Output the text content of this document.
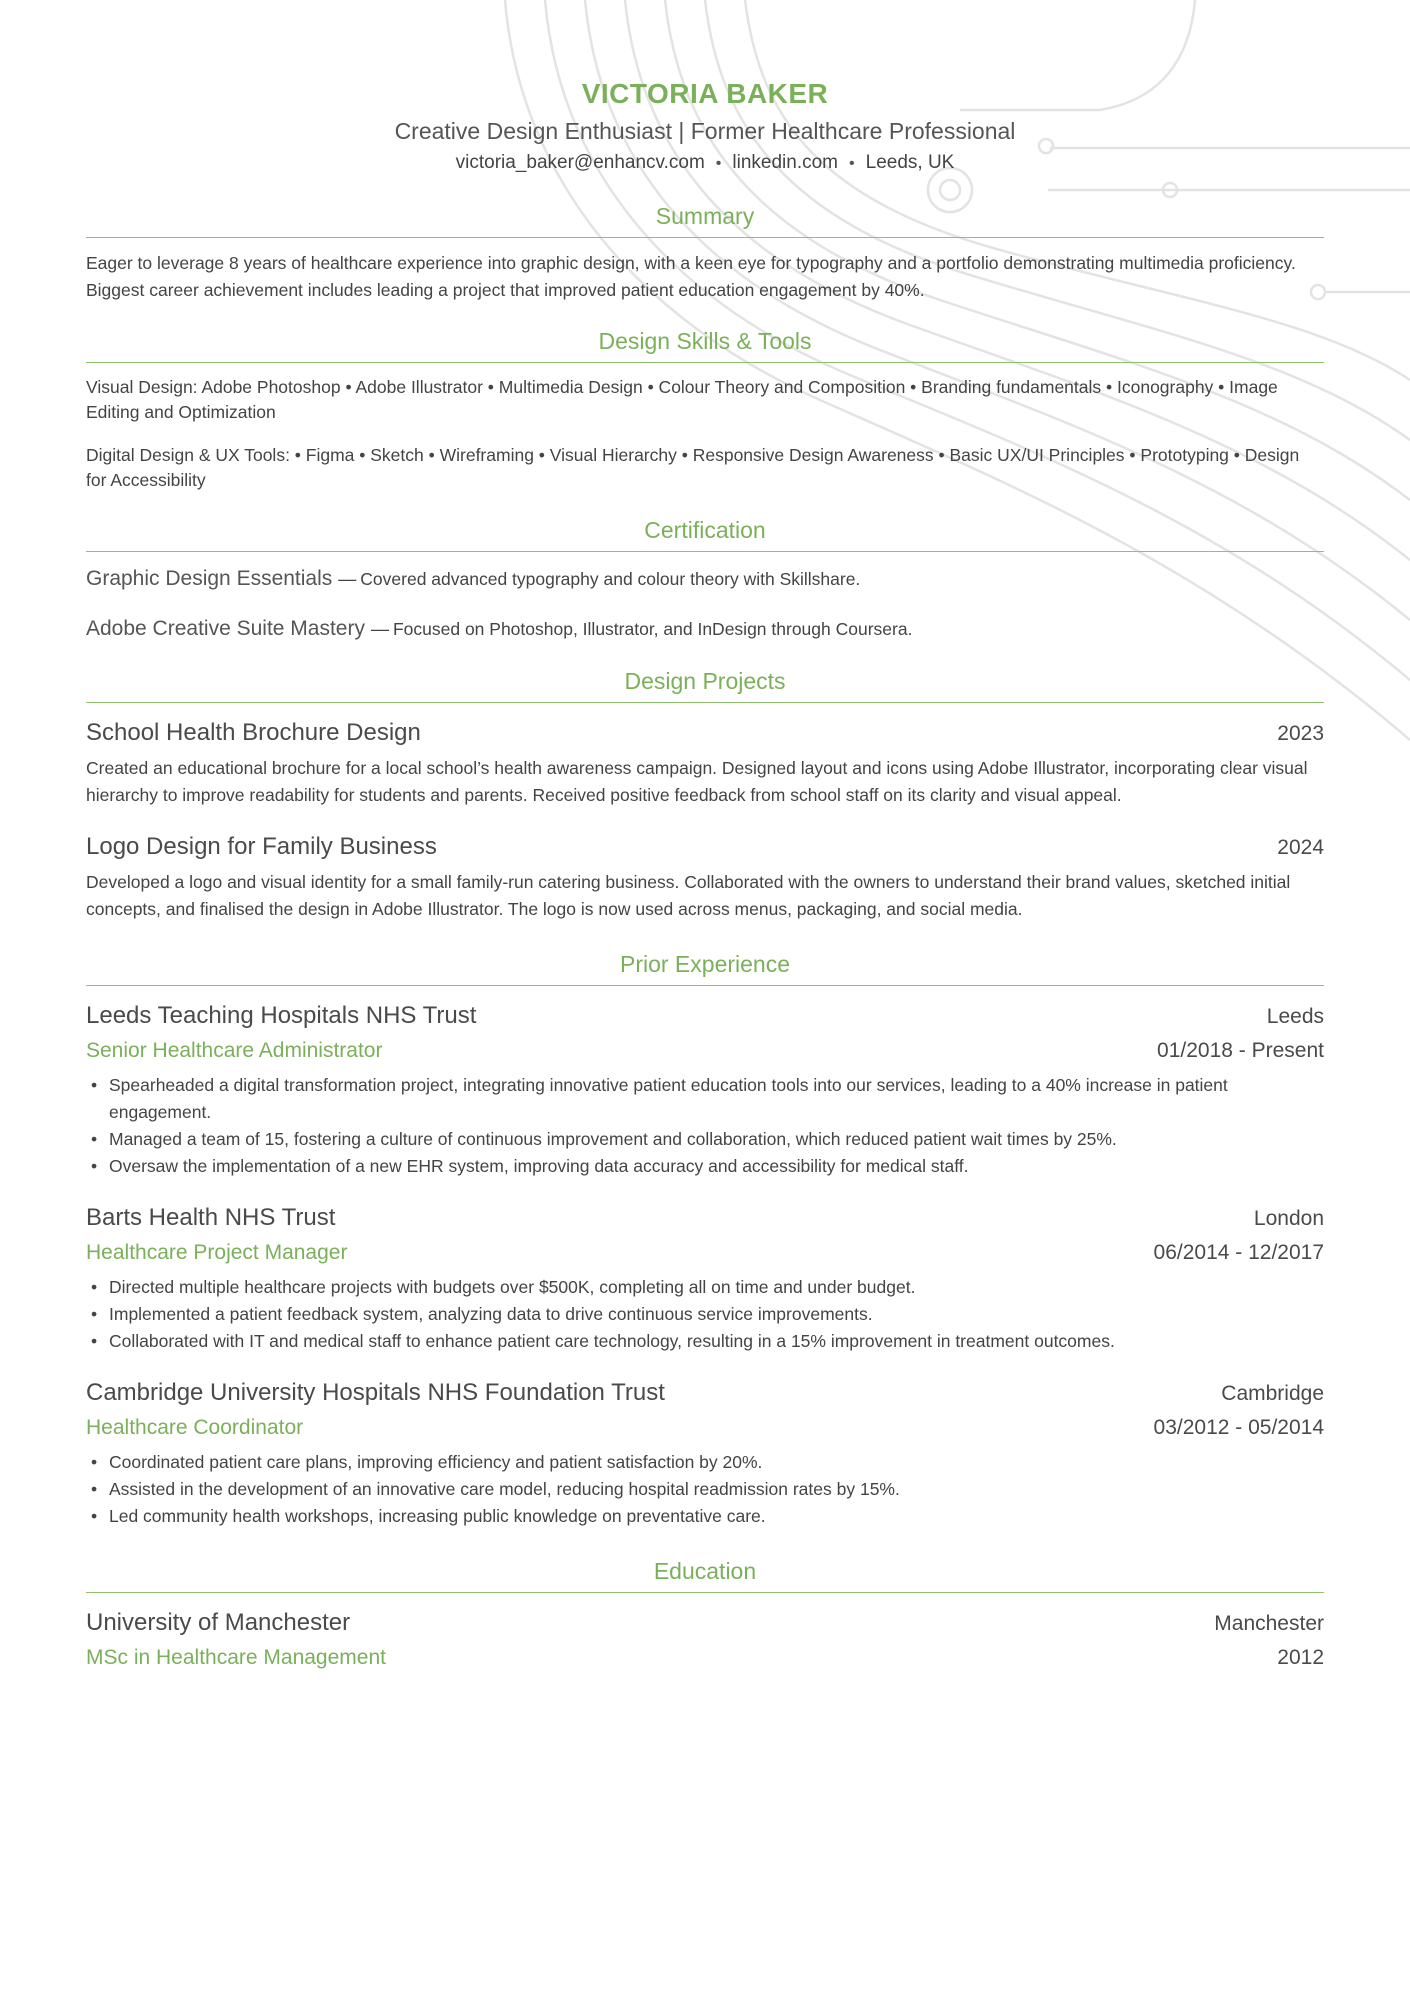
VICTORIA BAKER
Creative Design Enthusiast | Former Healthcare Professional
victoria_baker@enhancv.com • linkedin.com • Leeds, UK
Summary
Eager to leverage 8 years of healthcare experience into graphic design, with a keen eye for typography and a portfolio demonstrating multimedia proficiency. Biggest career achievement includes leading a project that improved patient education engagement by 40%.
Design Skills & Tools
Visual Design: Adobe Photoshop • Adobe Illustrator • Multimedia Design • Colour Theory and Composition • Branding fundamentals • Iconography • Image Editing and Optimization
Digital Design & UX Tools: • Figma • Sketch • Wireframing • Visual Hierarchy • Responsive Design Awareness • Basic UX/UI Principles • Prototyping • Design for Accessibility
Certification
Graphic Design Essentials — Covered advanced typography and colour theory with Skillshare.
Adobe Creative Suite Mastery — Focused on Photoshop, Illustrator, and InDesign through Coursera.
Design Projects
School Health Brochure Design	2023
Created an educational brochure for a local school’s health awareness campaign. Designed layout and icons using Adobe Illustrator, incorporating clear visual hierarchy to improve readability for students and parents. Received positive feedback from school staff on its clarity and visual appeal.
Logo Design for Family Business	2024
Developed a logo and visual identity for a small family-run catering business. Collaborated with the owners to understand their brand values, sketched initial concepts, and finalised the design in Adobe Illustrator. The logo is now used across menus, packaging, and social media.
Prior Experience
Leeds Teaching Hospitals NHS Trust	Leeds
Senior Healthcare Administrator	01/2018 - Present
• Spearheaded a digital transformation project, integrating innovative patient education tools into our services, leading to a 40% increase in patient engagement.
• Managed a team of 15, fostering a culture of continuous improvement and collaboration, which reduced patient wait times by 25%.
• Oversaw the implementation of a new EHR system, improving data accuracy and accessibility for medical staff.
Barts Health NHS Trust	London
Healthcare Project Manager	06/2014 - 12/2017
• Directed multiple healthcare projects with budgets over $500K, completing all on time and under budget.
• Implemented a patient feedback system, analyzing data to drive continuous service improvements.
• Collaborated with IT and medical staff to enhance patient care technology, resulting in a 15% improvement in treatment outcomes.
Cambridge University Hospitals NHS Foundation Trust	Cambridge
Healthcare Coordinator	03/2012 - 05/2014
• Coordinated patient care plans, improving efficiency and patient satisfaction by 20%.
• Assisted in the development of an innovative care model, reducing hospital readmission rates by 15%.
• Led community health workshops, increasing public knowledge on preventative care.
Education
University of Manchester	Manchester
MSc in Healthcare Management	2012
